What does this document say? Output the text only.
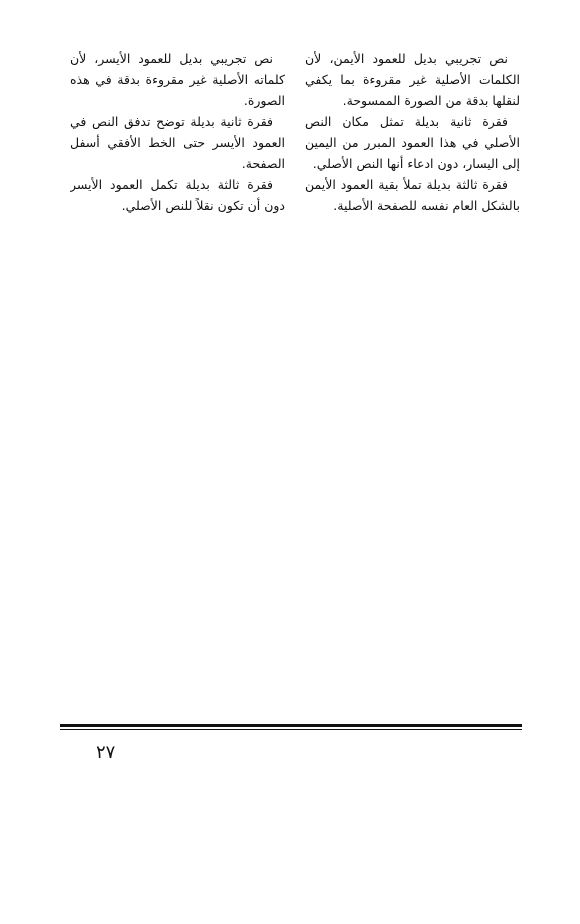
نص تجريبي بديل للعمود الأيمن، لأن الكلمات الأصلية غير مقروءة بما يكفي لنقلها بدقة من الصورة الممسوحة.

فقرة ثانية بديلة تمثل مكان النص الأصلي في هذا العمود المبرر من اليمين إلى اليسار، دون ادعاء أنها النص الأصلي.

فقرة ثالثة بديلة تملأ بقية العمود الأيمن بالشكل العام نفسه للصفحة الأصلية.

نص تجريبي بديل للعمود الأيسر، لأن كلماته الأصلية غير مقروءة بدقة في هذه الصورة.

فقرة ثانية بديلة توضح تدفق النص في العمود الأيسر حتى الخط الأفقي أسفل الصفحة.

فقرة ثالثة بديلة تكمل العمود الأيسر دون أن تكون نقلاً للنص الأصلي.

٢٧
